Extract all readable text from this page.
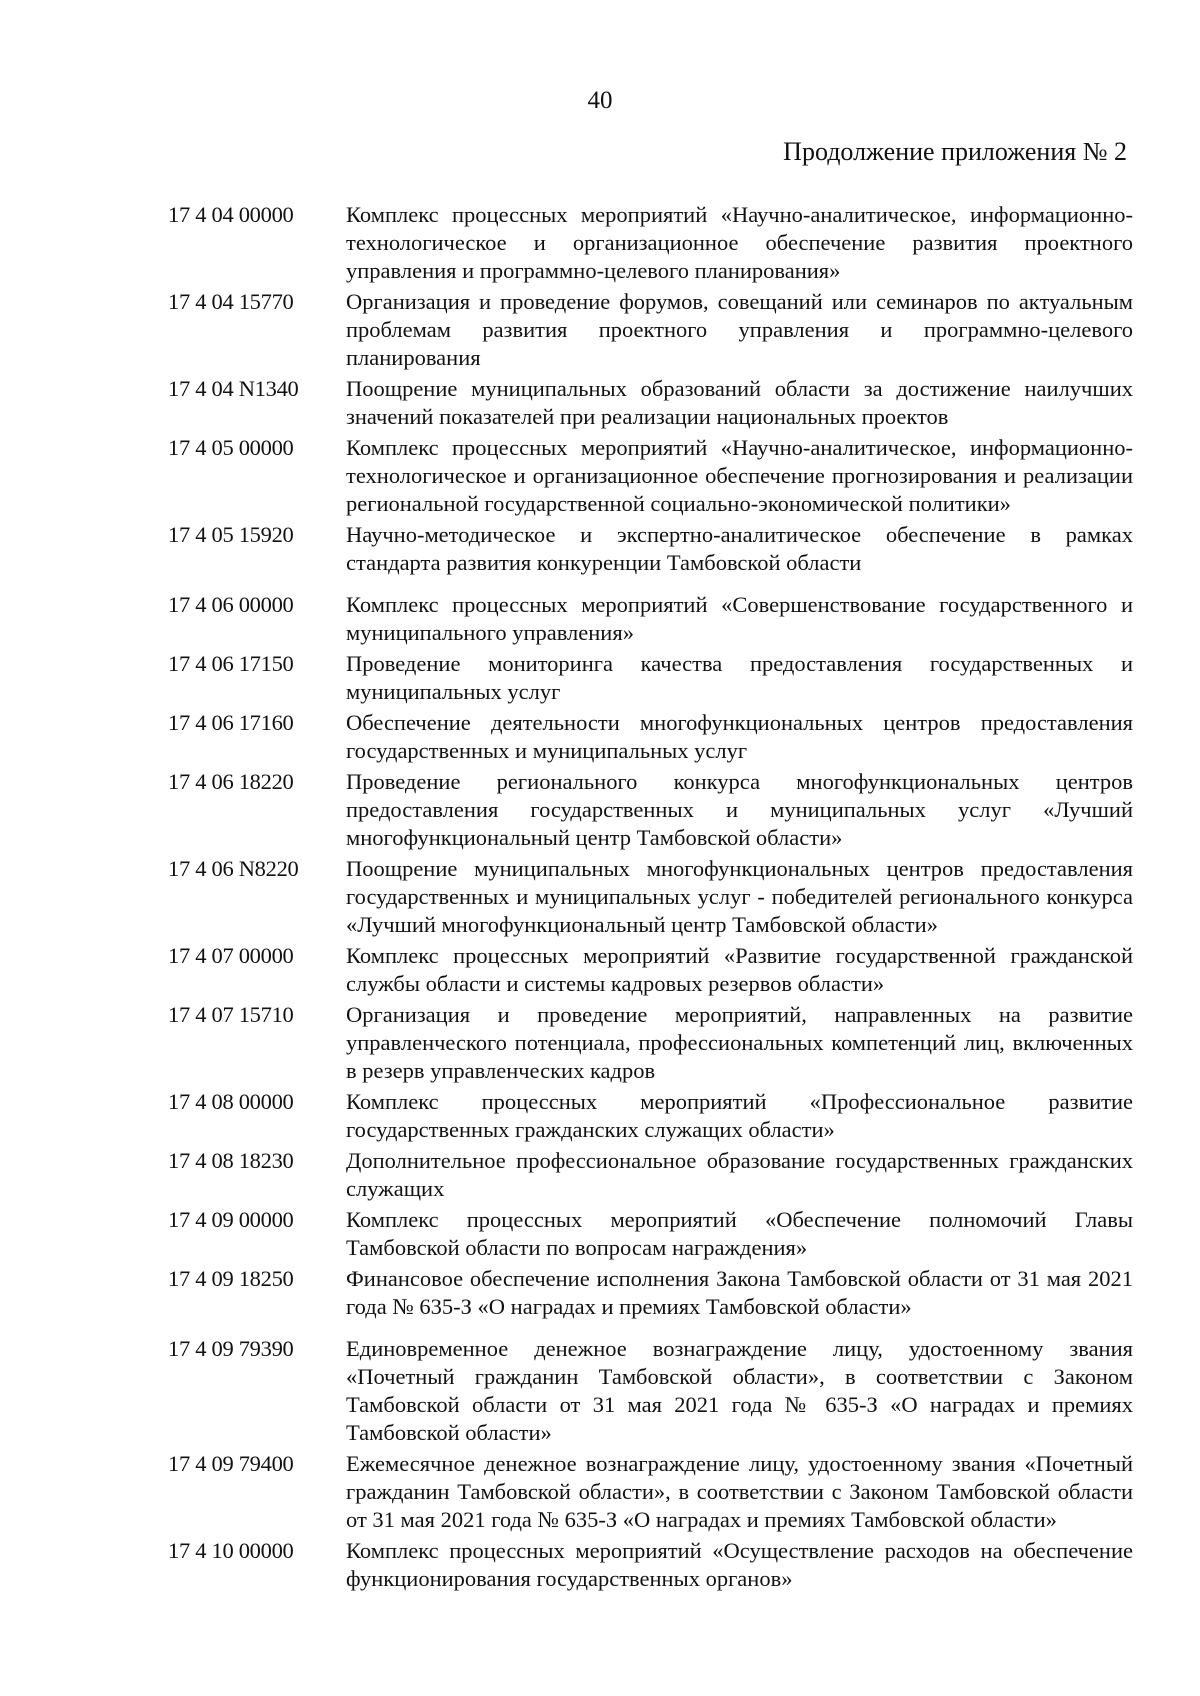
40
Продолжение приложения № 2
17 4 04 00000	Комплекс процессных мероприятий «Научно-аналитическое, информационно-технологическое и организационное обеспечение развития проектного управления и программно-целевого планирования»
17 4 04 15770	Организация и проведение форумов, совещаний или семинаров по актуальным проблемам развития проектного управления и программно-целевого планирования
17 4 04 N1340	Поощрение муниципальных образований области за достижение наилучших значений показателей при реализации национальных проектов
17 4 05 00000	Комплекс процессных мероприятий «Научно-аналитическое, информационно-технологическое и организационное обеспечение прогнозирования и реализации региональной государственной социально-экономической политики»
17 4 05 15920	Научно-методическое и экспертно-аналитическое обеспечение в рамках стандарта развития конкуренции Тамбовской области
17 4 06 00000	Комплекс процессных мероприятий «Совершенствование государственного и муниципального управления»
17 4 06 17150	Проведение мониторинга качества предоставления государственных и муниципальных услуг
17 4 06 17160	Обеспечение деятельности многофункциональных центров предоставления государственных и муниципальных услуг
17 4 06 18220	Проведение регионального конкурса многофункциональных центров предоставления государственных и муниципальных услуг «Лучший многофункциональный центр Тамбовской области»
17 4 06 N8220	Поощрение муниципальных многофункциональных центров предоставления государственных и муниципальных услуг - победителей регионального конкурса «Лучший многофункциональный центр Тамбовской области»
17 4 07 00000	Комплекс процессных мероприятий «Развитие государственной гражданской службы области и системы кадровых резервов области»
17 4 07 15710	Организация и проведение мероприятий, направленных на развитие управленческого потенциала, профессиональных компетенций лиц, включенных в резерв управленческих кадров
17 4 08 00000	Комплекс процессных мероприятий «Профессиональное развитие государственных гражданских служащих области»
17 4 08 18230	Дополнительное профессиональное образование государственных гражданских служащих
17 4 09 00000	Комплекс процессных мероприятий «Обеспечение полномочий Главы Тамбовской области по вопросам награждения»
17 4 09 18250	Финансовое обеспечение исполнения Закона Тамбовской области от 31 мая 2021 года № 635-З «О наградах и премиях Тамбовской области»
17 4 09 79390	Единовременное денежное вознаграждение лицу, удостоенному звания «Почетный гражданин Тамбовской области», в соответствии с Законом Тамбовской области от 31 мая 2021 года № 635-З «О наградах и премиях Тамбовской области»
17 4 09 79400	Ежемесячное денежное вознаграждение лицу, удостоенному звания «Почетный гражданин Тамбовской области», в соответствии с Законом Тамбовской области от 31 мая 2021 года № 635-З «О наградах и премиях Тамбовской области»
17 4 10 00000	Комплекс процессных мероприятий «Осуществление расходов на обеспечение функционирования государственных органов»
